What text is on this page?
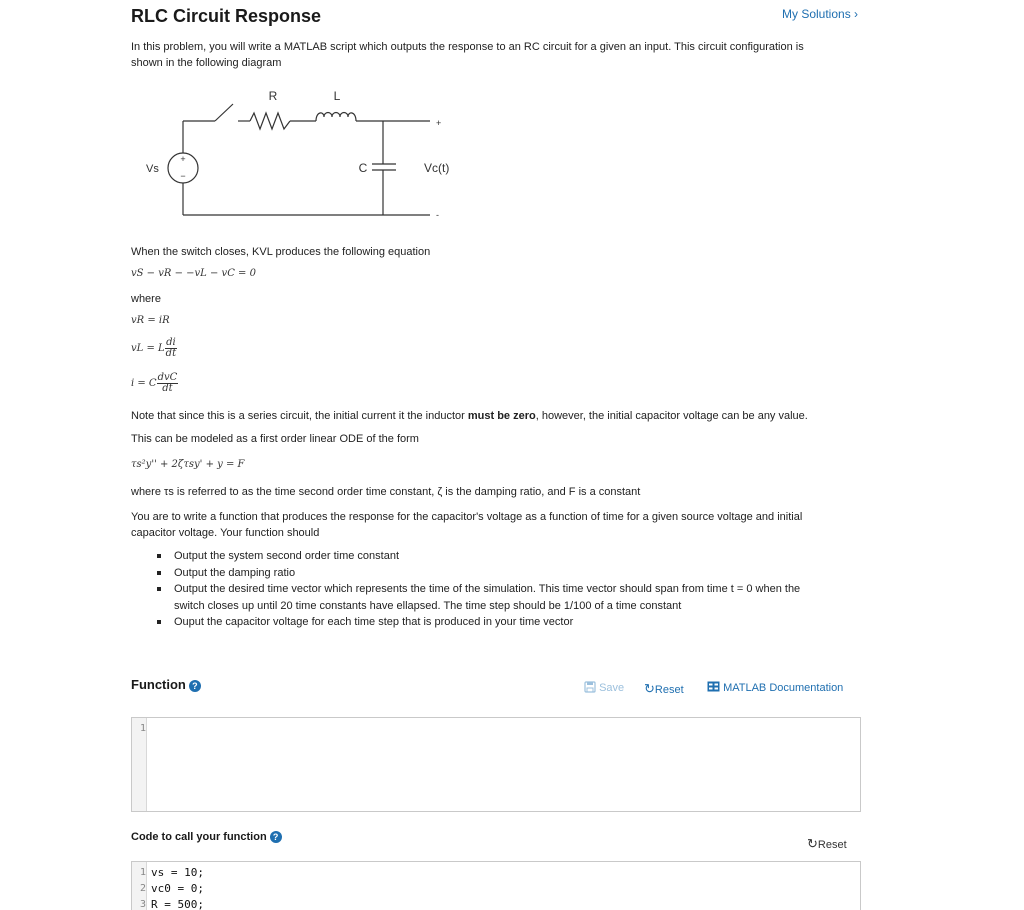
RLC Circuit Response	My Solutions ›
In this problem, you will write a MATLAB script which outputs the response to an RC circuit for a given an input. This circuit configuration is
shown in the following diagram
+
−
R	L
C
Vs	Vc(t)
+
-
When the switch closes, KVL produces the following equation
vS − vR − −vL − vC = 0
where
vR = iR
vL = L $\frac{di}{dt}$
i = C $\frac{\text{dvC}}{dt}$
Note that since this is a series circuit, the initial current it the inductor must be zero, however, the initial capacitor voltage can be any value.
This can be modeled as a first order linear ODE of the form
τs²y'' + 2ζτsy' + y = F
where τs is referred to as the time second order time constant, ζ is the damping ratio, and F is a constant
You are to write a function that produces the response for the capacitor's voltage as a function of time for a given source voltage and initial
capacitor voltage. Your function should
Output the system second order time constant
Output the damping ratio
Output the desired time vector which represents the time of the simulation. This time vector should span from time t = 0 when the
switch closes up until 20 time constants have ellapsed. The time step should be 1/100 of a time constant
Ouput the capacitor voltage for each time step that is produced in your time vector
Function ?	Save ↻Reset	MATLAB Documentation
1
Code to call your function ?	↻Reset
1 vs = 10;
2 vc0 = 0;
3 R = 500;
